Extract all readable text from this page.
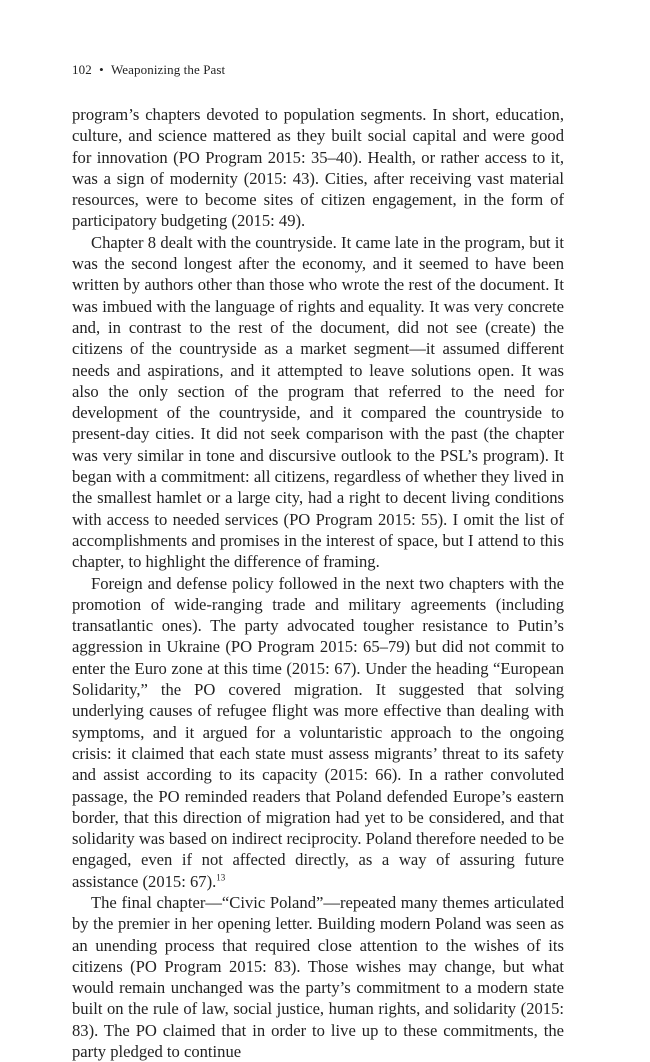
102 • Weaponizing the Past

program’s chapters devoted to population segments. In short, education, culture, and science mattered as they built social capital and were good for innovation (PO Program 2015: 35–40). Health, or rather access to it, was a sign of modernity (2015: 43). Cities, after receiving vast material resources, were to become sites of citizen engagement, in the form of participatory budgeting (2015: 49).

Chapter 8 dealt with the countryside. It came late in the program, but it was the second longest after the economy, and it seemed to have been written by authors other than those who wrote the rest of the document. It was imbued with the language of rights and equality. It was very concrete and, in contrast to the rest of the document, did not see (create) the citizens of the countryside as a market segment—it assumed different needs and aspirations, and it attempted to leave solutions open. It was also the only section of the program that referred to the need for development of the countryside, and it compared the countryside to present-day cities. It did not seek comparison with the past (the chapter was very similar in tone and discursive outlook to the PSL’s program). It began with a commitment: all citizens, regardless of whether they lived in the smallest hamlet or a large city, had a right to decent living conditions with access to needed services (PO Program 2015: 55). I omit the list of accomplishments and promises in the interest of space, but I attend to this chapter, to highlight the difference of framing.

Foreign and defense policy followed in the next two chapters with the promotion of wide-ranging trade and military agreements (including transatlantic ones). The party advocated tougher resistance to Putin’s aggression in Ukraine (PO Program 2015: 65–79) but did not commit to enter the Euro zone at this time (2015: 67). Under the heading “European Solidarity,” the PO covered migration. It suggested that solving underlying causes of refugee flight was more effective than dealing with symptoms, and it argued for a voluntaristic approach to the ongoing crisis: it claimed that each state must assess migrants’ threat to its safety and assist according to its capacity (2015: 66). In a rather convoluted passage, the PO reminded readers that Poland defended Europe’s eastern border, that this direction of migration had yet to be considered, and that solidarity was based on indirect reciprocity. Poland therefore needed to be engaged, even if not affected directly, as a way of assuring future assistance (2015: 67).$^{13}$

The final chapter—“Civic Poland”—repeated many themes articulated by the premier in her opening letter. Building modern Poland was seen as an unending process that required close attention to the wishes of its citizens (PO Program 2015: 83). Those wishes may change, but what would remain unchanged was the party’s commitment to a modern state built on the rule of law, social justice, human rights, and solidarity (2015: 83). The PO claimed that in order to live up to these commitments, the party pledged to continue
